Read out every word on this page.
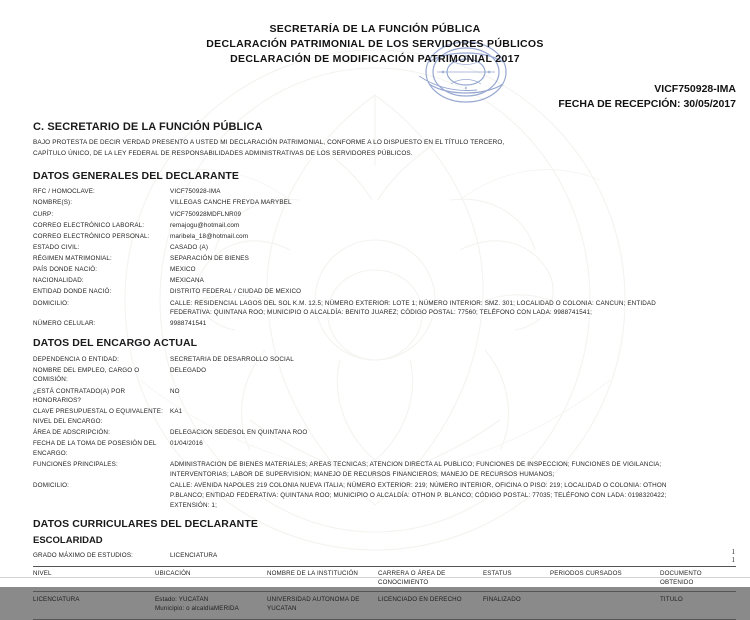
SECRETARÍA DE LA FUNCIÓN PÚBLICA
DECLARACIÓN PATRIMONIAL DE LOS SERVIDORES PÚBLICOS
DECLARACIÓN DE MODIFICACIÓN PATRIMONIAL 2017
VICF750928-IMA
FECHA DE RECEPCIÓN: 30/05/2017
C. SECRETARIO DE LA FUNCIÓN PÚBLICA
BAJO PROTESTA DE DECIR VERDAD PRESENTO A USTED MI DECLARACIÓN PATRIMONIAL, CONFORME A LO DISPUESTO EN EL TÍTULO TERCERO,
CAPÍTULO ÚNICO, DE LA LEY FEDERAL DE RESPONSABILIDADES ADMINISTRATIVAS DE LOS SERVIDORES PÚBLICOS.
DATOS GENERALES DEL DECLARANTE
RFC / HOMOCLAVE:	VICF750928-IMA
NOMBRE(S):	VILLEGAS CANCHE FREYDA MARYBEL
CURP:	VICF750928MDFLNR09
CORREO ELECTRÓNICO LABORAL:	remajogu@hotmail.com
CORREO ELECTRÓNICO PERSONAL:	maribela_18@hotmail.com
ESTADO CIVIL:	CASADO (A)
RÉGIMEN MATRIMONIAL:	SEPARACIÓN DE BIENES
PAÍS DONDE NACIÓ:	MEXICO
NACIONALIDAD:	MEXICANA
ENTIDAD DONDE NACIÓ:	DISTRITO FEDERAL / CIUDAD DE MEXICO
DOMICILIO:	CALLE: RESIDENCIAL LAGOS DEL SOL K.M. 12.5; NÚMERO EXTERIOR: LOTE 1; NÚMERO INTERIOR: SMZ. 301; LOCALIDAD O COLONIA: CANCUN; ENTIDAD
FEDERATIVA: QUINTANA ROO; MUNICIPIO O ALCALDÍA: BENITO JUAREZ; CÓDIGO POSTAL: 77560; TELÉFONO CON LADA: 9988741541;

NÚMERO CELULAR:	9988741541
DATOS DEL ENCARGO ACTUAL
DEPENDENCIA O ENTIDAD:	SECRETARIA DE DESARROLLO SOCIAL
NOMBRE DEL EMPLEO, CARGO O COMISIÓN:	DELEGADO
¿ESTÁ CONTRATADO(A) POR HONORARIOS?	NO
CLAVE PRESUPUESTAL O EQUIVALENTE: NIVEL DEL ENCARGO:	KA1
ÁREA DE ADSCRIPCIÓN:	DELEGACION SEDESOL EN QUINTANA ROO
FECHA DE LA TOMA DE POSESIÓN DEL ENCARGO:	01/04/2016
FUNCIONES PRINCIPALES:	ADMINISTRACION DE BIENES MATERIALES; AREAS TECNICAS; ATENCION DIRECTA AL PUBLICO; FUNCIONES DE INSPECCION; FUNCIONES DE VIGILANCIA;
INTERVENTORIAS; LABOR DE SUPERVISION; MANEJO DE RECURSOS FINANCIEROS; MANEJO DE RECURSOS HUMANOS;

DOMICILIO:	CALLE: AVENIDA NAPOLES 219 COLONIA NUEVA ITALIA; NÚMERO EXTERIOR: 219; NÚMERO INTERIOR, OFICINA O PISO: 219; LOCALIDAD O COLONIA: OTHON
P.BLANCO; ENTIDAD FEDERATIVA: QUINTANA ROO; MUNICIPIO O ALCALDÍA: OTHON P. BLANCO; CÓDIGO POSTAL: 77035; TELÉFONO CON LADA: 0198320422;
EXTENSIÓN: 1;
DATOS CURRICULARES DEL DECLARANTE
ESCOLARIDAD
GRADO MÁXIMO DE ESTUDIOS:	LICENCIATURA
NIVEL	UBICACIÓN	NOMBRE DE LA INSTITUCIÓN	CARRERA O ÁREA DE CONOCIMIENTO	ESTATUS	PERIODOS CURSADOS	DOCUMENTO OBTENIDO
LICENCIATURA	Estado: YUCATAN
Municipio: o alcaldíaMERIDA	UNIVERSIDAD AUTONOMA DE YUCATAN	LICENCIADO EN DERECHO	FINALIZADO		TITULO
1
1
